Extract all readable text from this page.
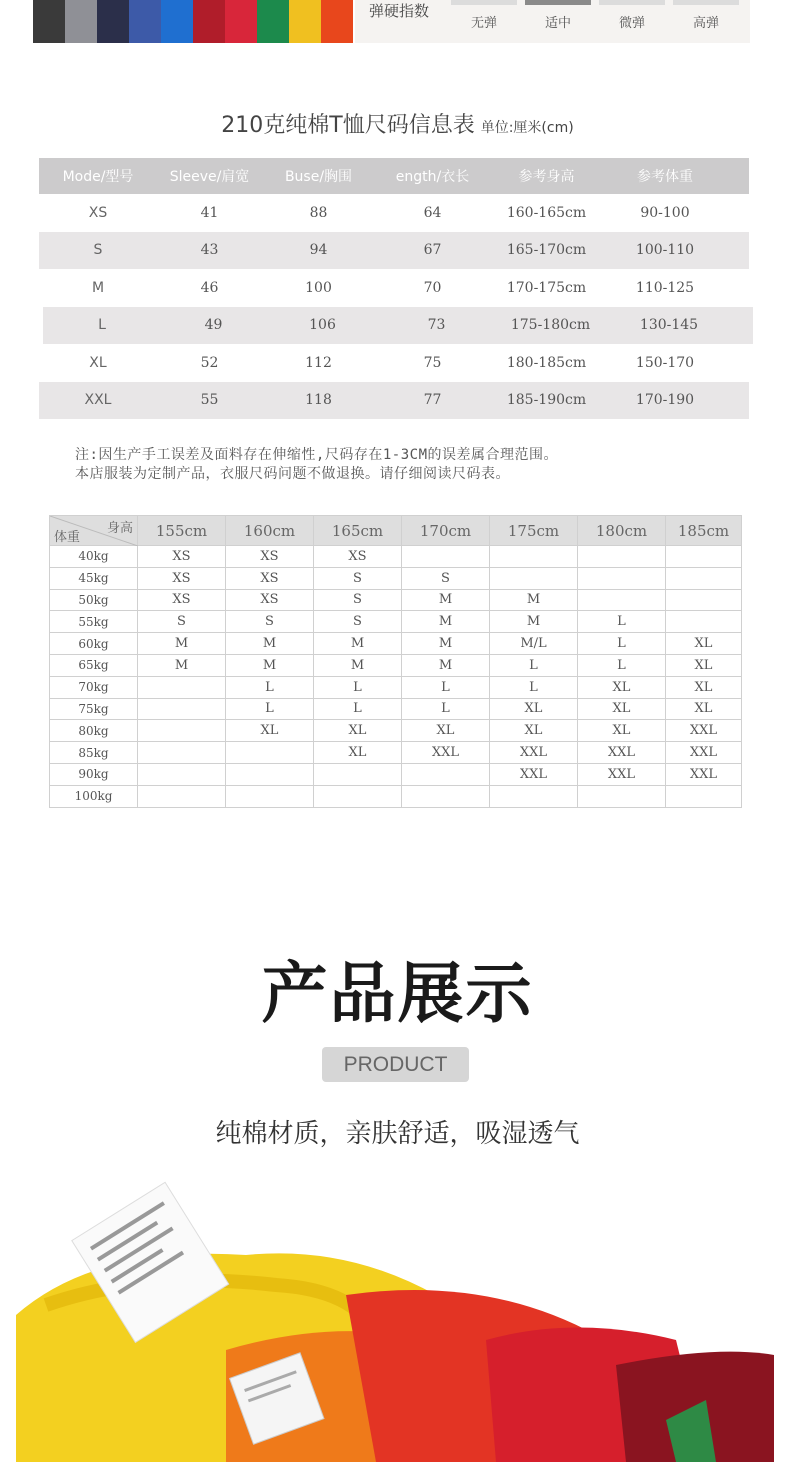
弹硬指数
无弹	适中	微弹	高弹
210克纯棉T恤尺码信息表 单位:厘米(cm)
Mode/型号	Sleeve/肩宽	Buse/胸围	ength/衣长	参考身高	参考体重
XS	41	88	64	160-165cm	90-100
S	43	94	67	165-170cm	100-110
M	46	100	70	170-175cm	110-125
L	49	106	73	175-180cm	130-145
XL	52	112	75	180-185cm	150-170
XXL	55	118	77	185-190cm	170-190
注:因生产手工误差及面料存在伸缩性,尺码存在1-3CM的误差属合理范围。
本店服装为定制产品，衣服尺码问题不做退换。请仔细阅读尺码表。
身高
体重	155cm	160cm	165cm	170cm	175cm	180cm	185cm
40kg	XS	XS	XS				
45kg	XS	XS	S	S			
50kg	XS	XS	S	M	M		
55kg	S	S	S	M	M	L	
60kg	M	M	M	M	M/L	L	XL
65kg	M	M	M	M	L	L	XL
70kg		L	L	L	L	XL	XL
75kg		L	L	L	XL	XL	XL
80kg		XL	XL	XL	XL	XL	XXL
85kg			XL	XXL	XXL	XXL	XXL
90kg					XXL	XXL	XXL
100kg							
产品展示
PRODUCT
纯棉材质，亲肤舒适，吸湿透气
